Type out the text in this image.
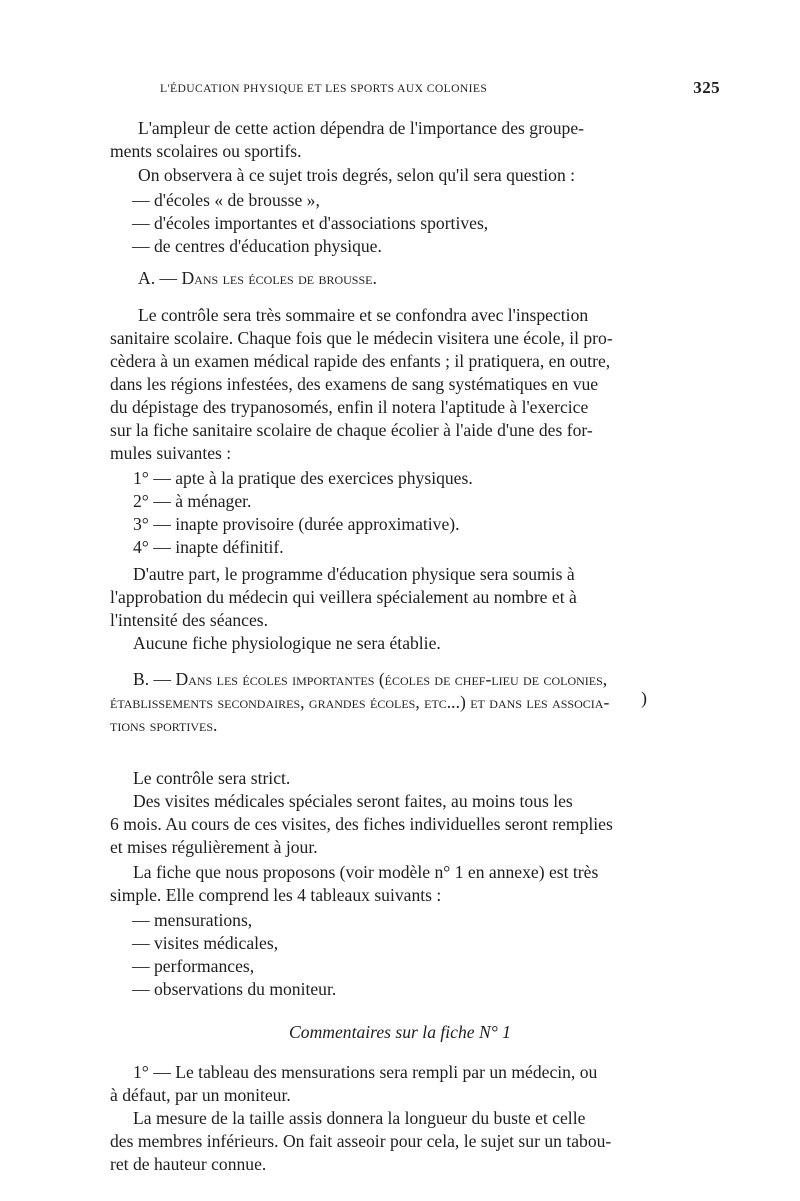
L'ÉDUCATION PHYSIQUE ET LES SPORTS AUX COLONIES	325
L'ampleur de cette action dépendra de l'importance des groupe-
ments scolaires ou sportifs.
On observera à ce sujet trois degrés, selon qu'il sera question :
— d'écoles « de brousse »,
— d'écoles importantes et d'associations sportives,
— de centres d'éducation physique.
A. — Dans les écoles de brousse.
Le contrôle sera très sommaire et se confondra avec l'inspection
sanitaire scolaire. Chaque fois que le médecin visitera une école, il pro-
cèdera à un examen médical rapide des enfants ; il pratiquera, en outre,
dans les régions infestées, des examens de sang systématiques en vue
du dépistage des trypanosomés, enfin il notera l'aptitude à l'exercice
sur la fiche sanitaire scolaire de chaque écolier à l'aide d'une des for-
mules suivantes :
1° — apte à la pratique des exercices physiques.
2° — à ménager.
3° — inapte provisoire (durée approximative).
4° — inapte définitif.
D'autre part, le programme d'éducation physique sera soumis à
l'approbation du médecin qui veillera spécialement au nombre et à
l'intensité des séances.
Aucune fiche physiologique ne sera établie.
B. — Dans les écoles importantes (écoles de chef-lieu de colonies,
établissements secondaires, grandes écoles, etc...) et dans les associa-
tions sportives.
)
Le contrôle sera strict.
Des visites médicales spéciales seront faites, au moins tous les
6 mois. Au cours de ces visites, des fiches individuelles seront remplies
et mises régulièrement à jour.
La fiche que nous proposons (voir modèle n° 1 en annexe) est très
simple. Elle comprend les 4 tableaux suivants :
— mensurations,
— visites médicales,
— performances,
— observations du moniteur.
Commentaires sur la fiche N° 1
1° — Le tableau des mensurations sera rempli par un médecin, ou
à défaut, par un moniteur.
La mesure de la taille assis donnera la longueur du buste et celle
des membres inférieurs. On fait asseoir pour cela, le sujet sur un tabou-
ret de hauteur connue.
